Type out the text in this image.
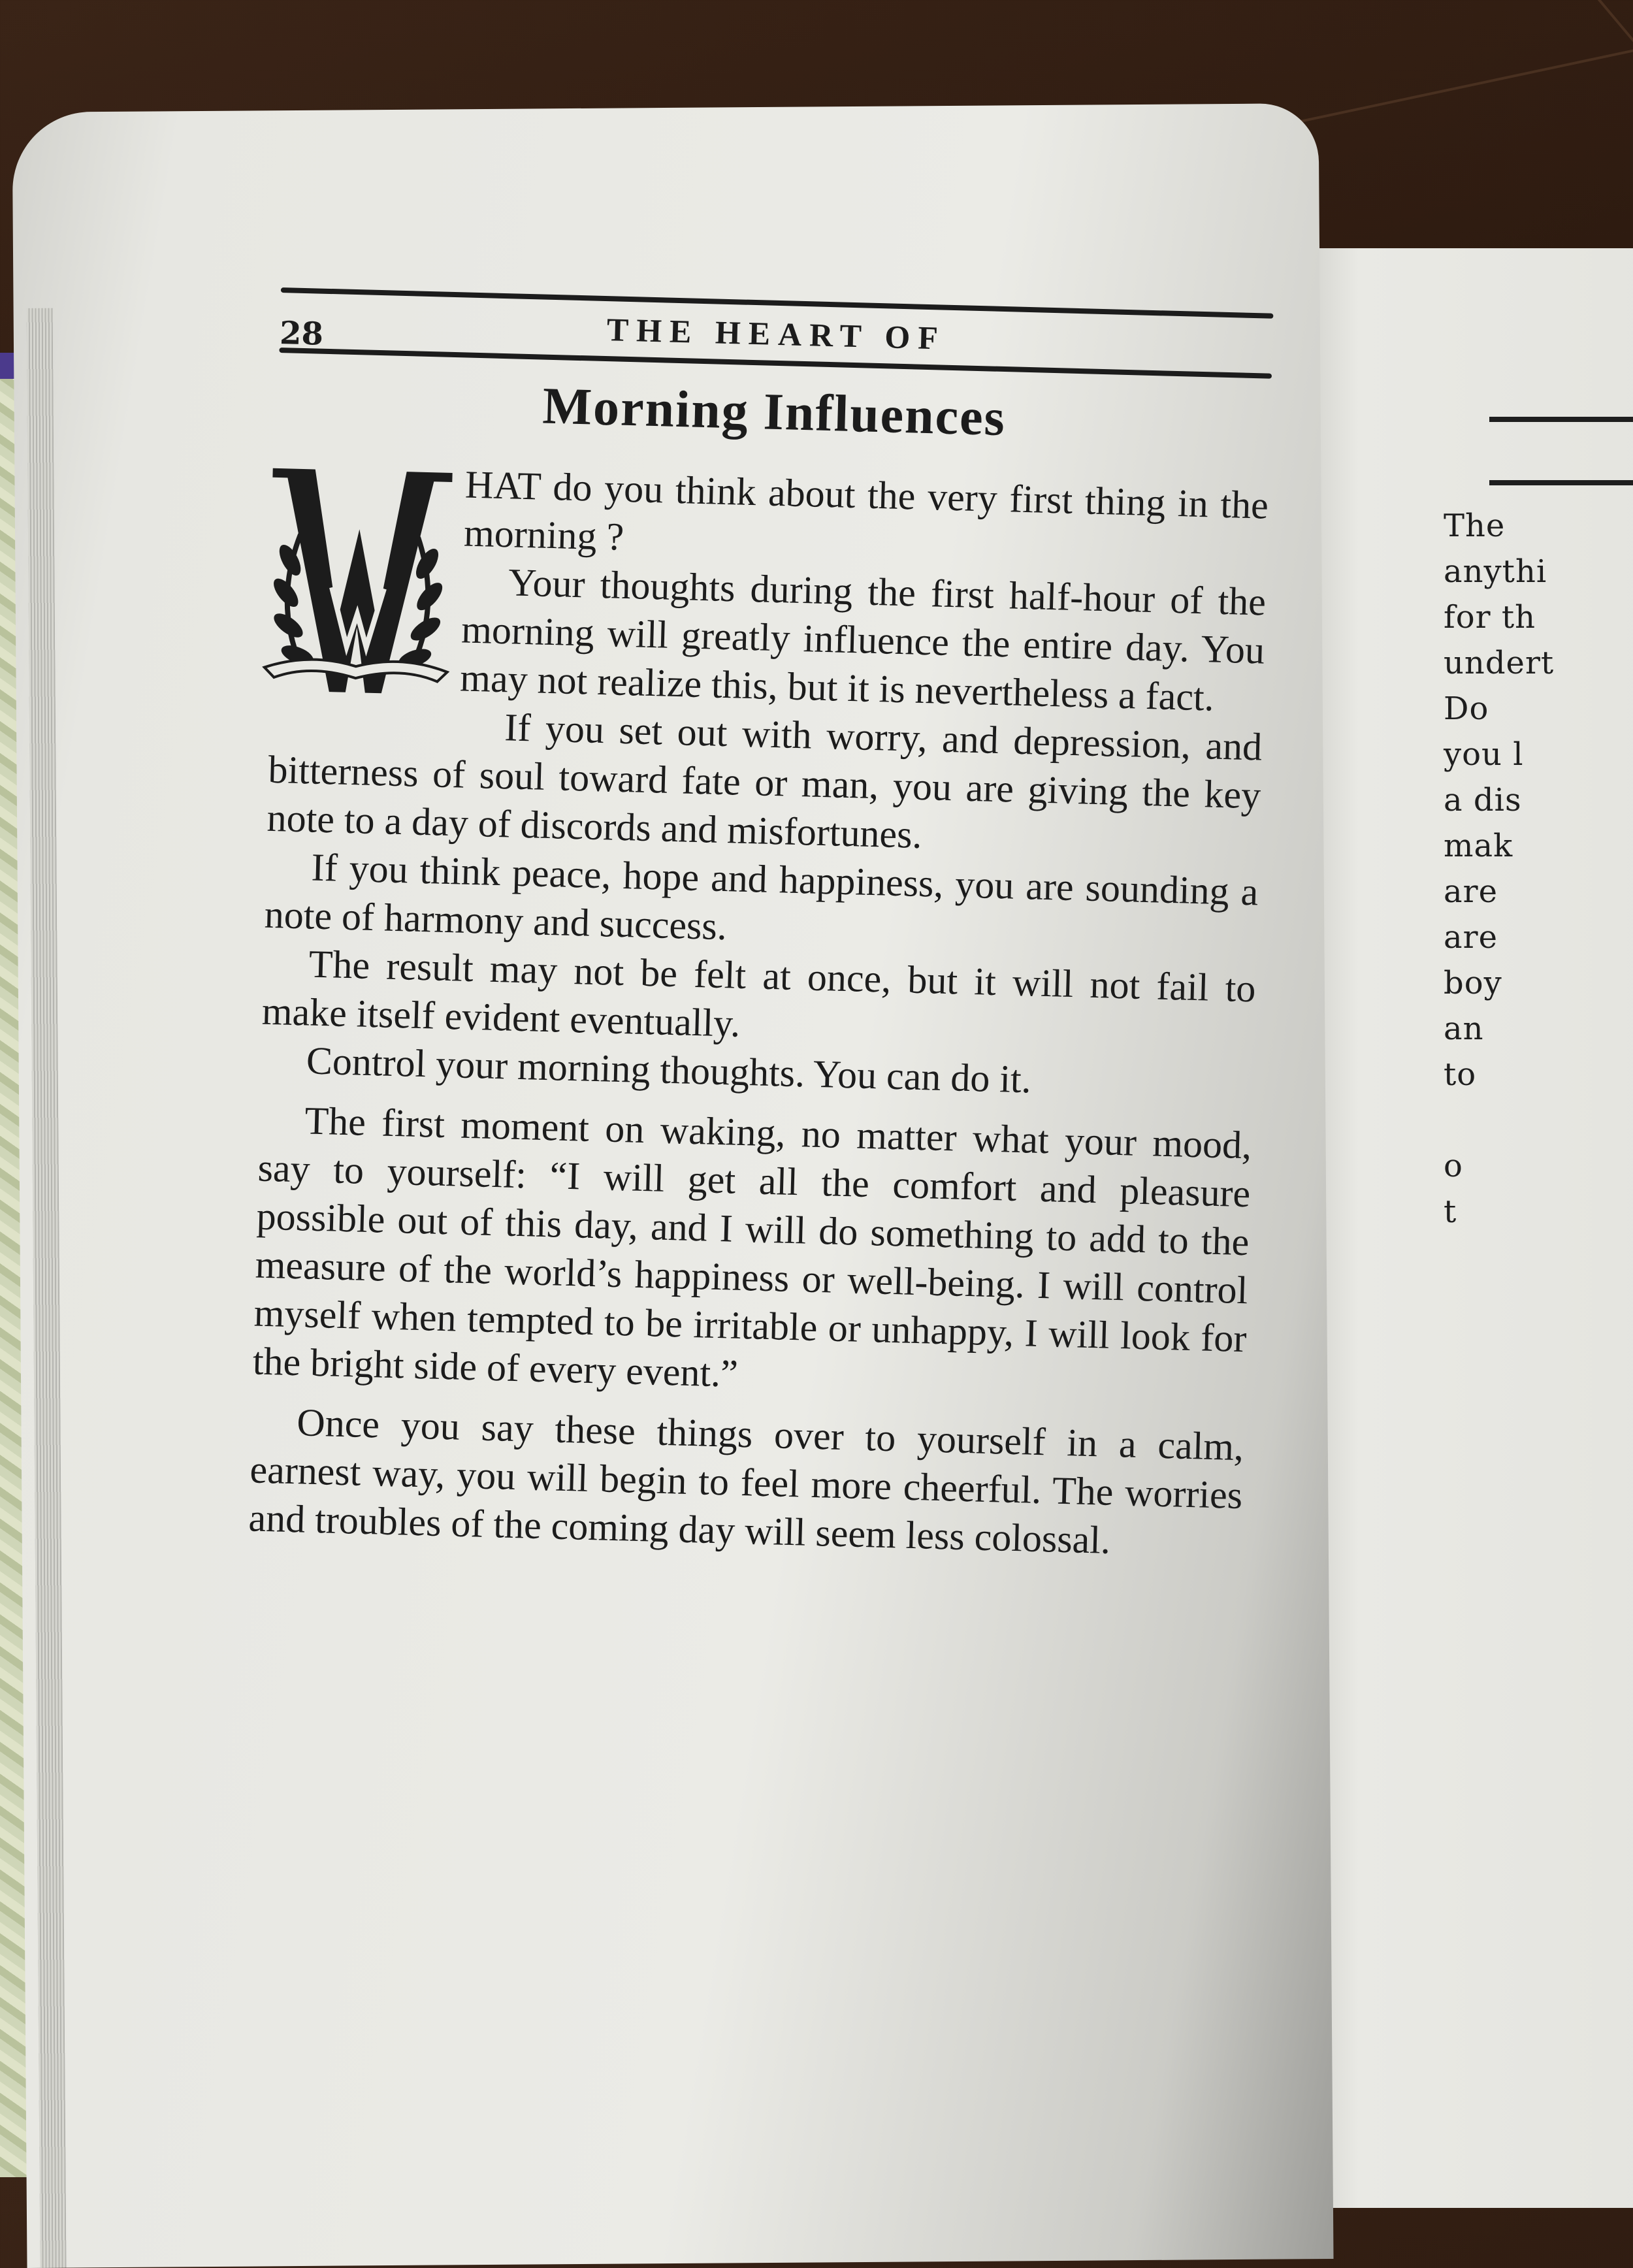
The
anythi
for th
undert
Do
you l
a dis
mak
are
are
boy
an
to

o
t
28	THE HEART OF
Morning Influences

HAT do you think about the very first thing in the morning ?

Your thoughts during the first half-hour of the morning will greatly influence the entire day. You may not realize this, but it is nevertheless a fact.

If you set out with worry, and depression, and bitterness of soul toward fate or man, you are giving the key note to a day of discords and misfortunes.

If you think peace, hope and happiness, you are sounding a note of harmony and success.

The result may not be felt at once, but it will not fail to make itself evident eventually.

Control your morning thoughts. You can do it.

The first moment on waking, no matter what your mood, say to yourself: “I will get all the comfort and pleasure possible out of this day, and I will do something to add to the measure of the world’s happiness or well-being. I will control myself when tempted to be irritable or unhappy, I will look for the bright side of every event.”

Once you say these things over to yourself in a calm, earnest way, you will begin to feel more cheerful. The worries and troubles of the coming day will seem less colossal.
